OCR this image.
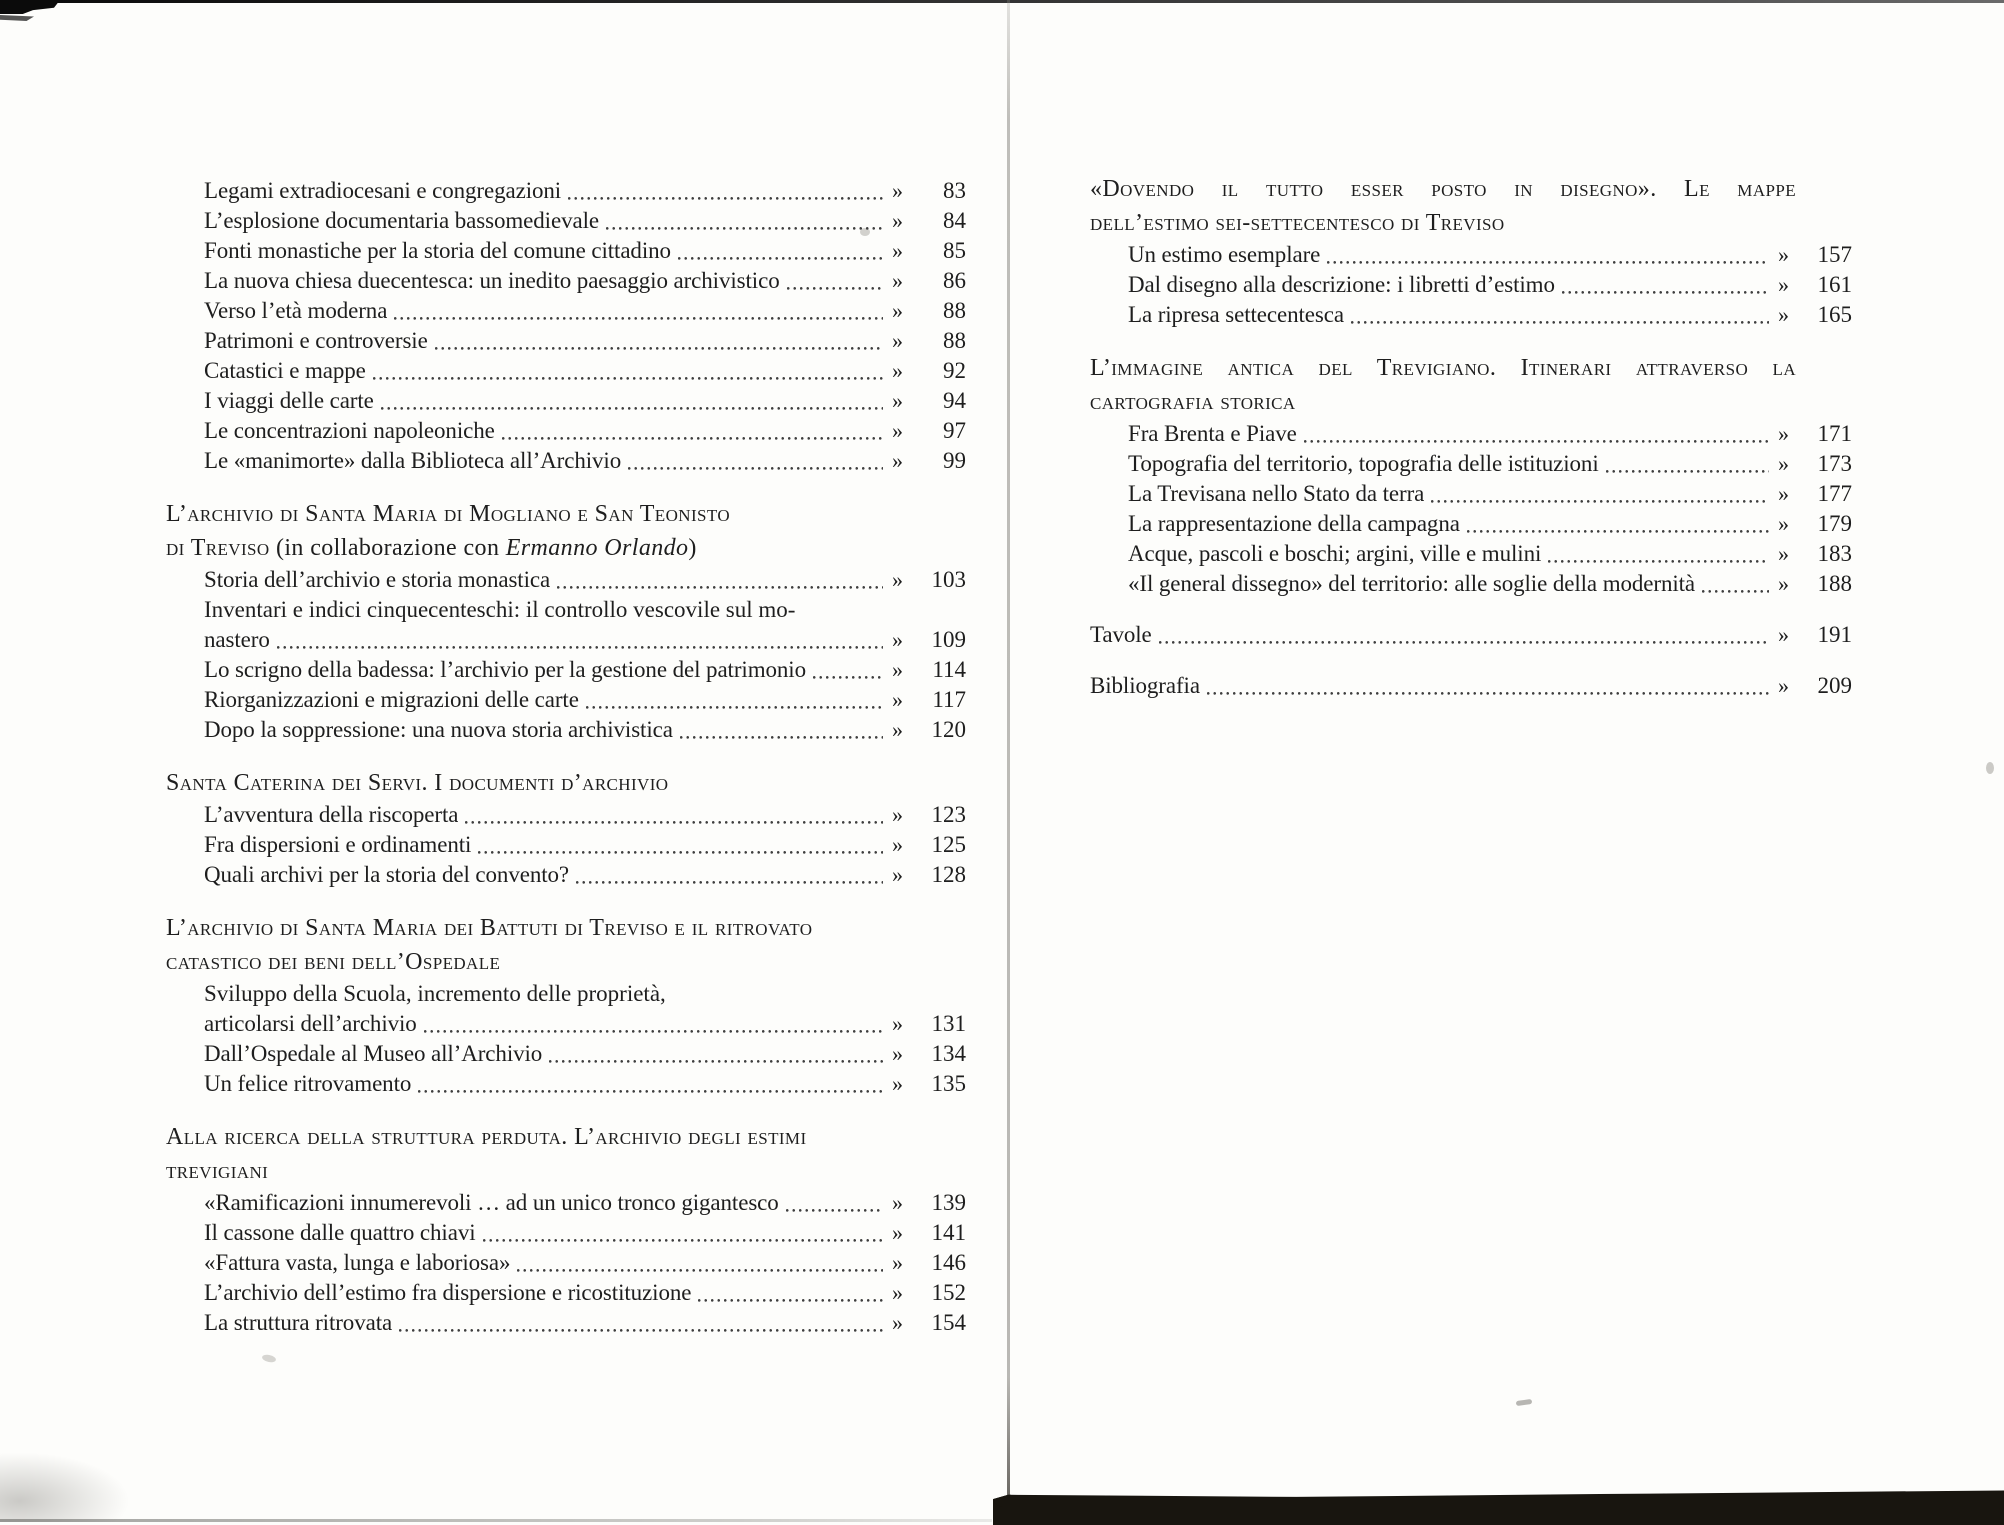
Legami extradiocesani e congregazioni	»	83
L’esplosione documentaria bassomedievale	»	84
Fonti monastiche per la storia del comune cittadino	»	85
La nuova chiesa duecentesca: un inedito paesaggio archivistico	»	86
Verso l’età moderna	»	88
Patrimoni e controversie	»	88
Catastici e mappe	»	92
I viaggi delle carte	»	94
Le concentrazioni napoleoniche	»	97
Le «manimorte» dalla Biblioteca all’Archivio	»	99
L’archivio di Santa Maria di Mogliano e San Teonisto
di Treviso (in collaborazione con Ermanno Orlando)
Storia dell’archivio e storia monastica	»	103
Inventari e indici cinquecenteschi: il controllo vescovile sul mo-
nastero	»	109
Lo scrigno della badessa: l’archivio per la gestione del patrimonio	»	114
Riorganizzazioni e migrazioni delle carte	»	117
Dopo la soppressione: una nuova storia archivistica	»	120
Santa Caterina dei Servi. I documenti d’archivio
L’avventura della riscoperta	»	123
Fra dispersioni e ordinamenti	»	125
Quali archivi per la storia del convento?	»	128
L’archivio di Santa Maria dei Battuti di Treviso e il ritrovato
catastico dei beni dell’Ospedale
Sviluppo della Scuola, incremento delle proprietà,
articolarsi dell’archivio	»	131
Dall’Ospedale al Museo all’Archivio	»	134
Un felice ritrovamento	»	135
Alla ricerca della struttura perduta. L’archivio degli estimi
trevigiani
«Ramificazioni innumerevoli … ad un unico tronco gigantesco	»	139
Il cassone dalle quattro chiavi	»	141
«Fattura vasta, lunga e laboriosa»	»	146
L’archivio dell’estimo fra dispersione e ricostituzione	»	152
La struttura ritrovata	»	154
«Dovendo il tutto esser posto in disegno». Le mappe
dell’estimo sei-settecentesco di Treviso
Un estimo esemplare	»	157
Dal disegno alla descrizione: i libretti d’estimo	»	161
La ripresa settecentesca	»	165
L’immagine antica del Trevigiano. Itinerari attraverso la
cartografia storica
Fra Brenta e Piave	»	171
Topografia del territorio, topografia delle istituzioni	»	173
La Trevisana nello Stato da terra	»	177
La rappresentazione della campagna	»	179
Acque, pascoli e boschi; argini, ville e mulini	»	183
«Il general dissegno» del territorio: alle soglie della modernità	»	188
Tavole	»	191
Bibliografia	»	209
